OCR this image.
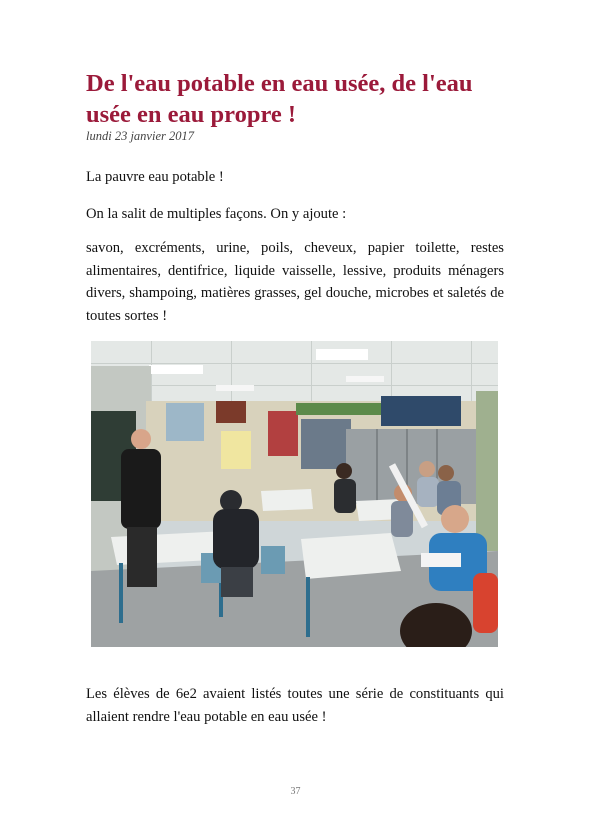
De l'eau potable en eau usée, de l'eau usée en eau propre !
lundi 23 janvier 2017

La pauvre eau potable !

On la salit de multiples façons. On y ajoute :

savon, excréments, urine, poils, cheveux, papier toilette, restes alimentaires, dentifrice, liquide vaisselle, lessive, produits ménagers divers, shampoing, matières grasses, gel douche, microbes et saletés de toutes sortes !

Les élèves de 6e2 avaient listés toutes une série de constituants qui allaient rendre l'eau potable en eau usée !

37
